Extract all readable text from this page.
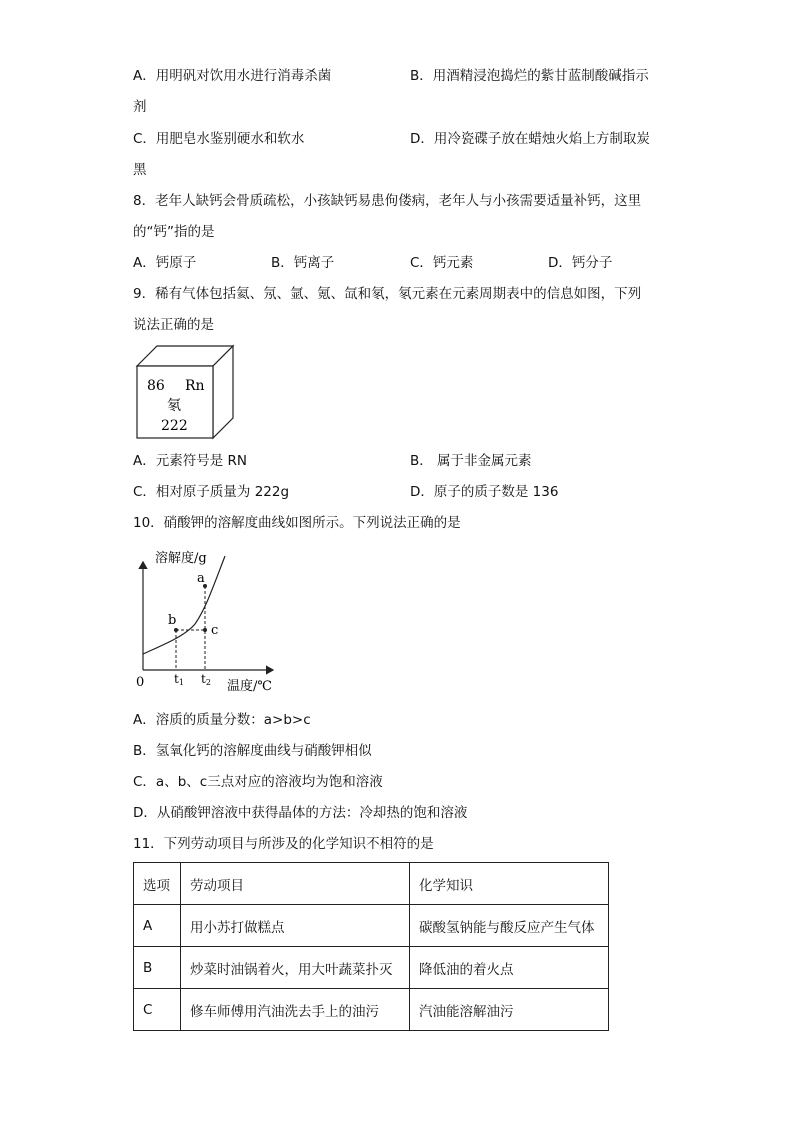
A．用明矾对饮用水进行消毒杀菌	B．用酒精浸泡捣烂的紫甘蓝制酸碱指示
剂
C．用肥皂水鉴别硬水和软水	D．用冷瓷碟子放在蜡烛火焰上方制取炭
黑
8．老年人缺钙会骨质疏松，小孩缺钙易患佝偻病，老年人与小孩需要适量补钙，这里
的“钙”指的是
A．钙原子	B．钙离子	C．钙元素	D．钙分子
9．稀有气体包括氦、氖、氩、氪、氙和氡，氡元素在元素周期表中的信息如图，下列
说法正确的是
86 Rn
氡
222
A．元素符号是 RN	B． 属于非金属元素
C．相对原子质量为 222g	D．原子的质子数是 136
10．硝酸钾的溶解度曲线如图所示。下列说法正确的是
溶解度/g
a
b
c
0 t1 t2 温度/℃
A．溶质的质量分数：a>b>c
B．氢氧化钙的溶解度曲线与硝酸钾相似
C．a、b、c三点对应的溶液均为饱和溶液
D．从硝酸钾溶液中获得晶体的方法：冷却热的饱和溶液
11．下列劳动项目与所涉及的化学知识不相符的是
选项	劳动项目	化学知识
A	用小苏打做糕点	碳酸氢钠能与酸反应产生气体
B	炒菜时油锅着火，用大叶蔬菜扑灭	降低油的着火点
C	修车师傅用汽油洗去手上的油污	汽油能溶解油污
